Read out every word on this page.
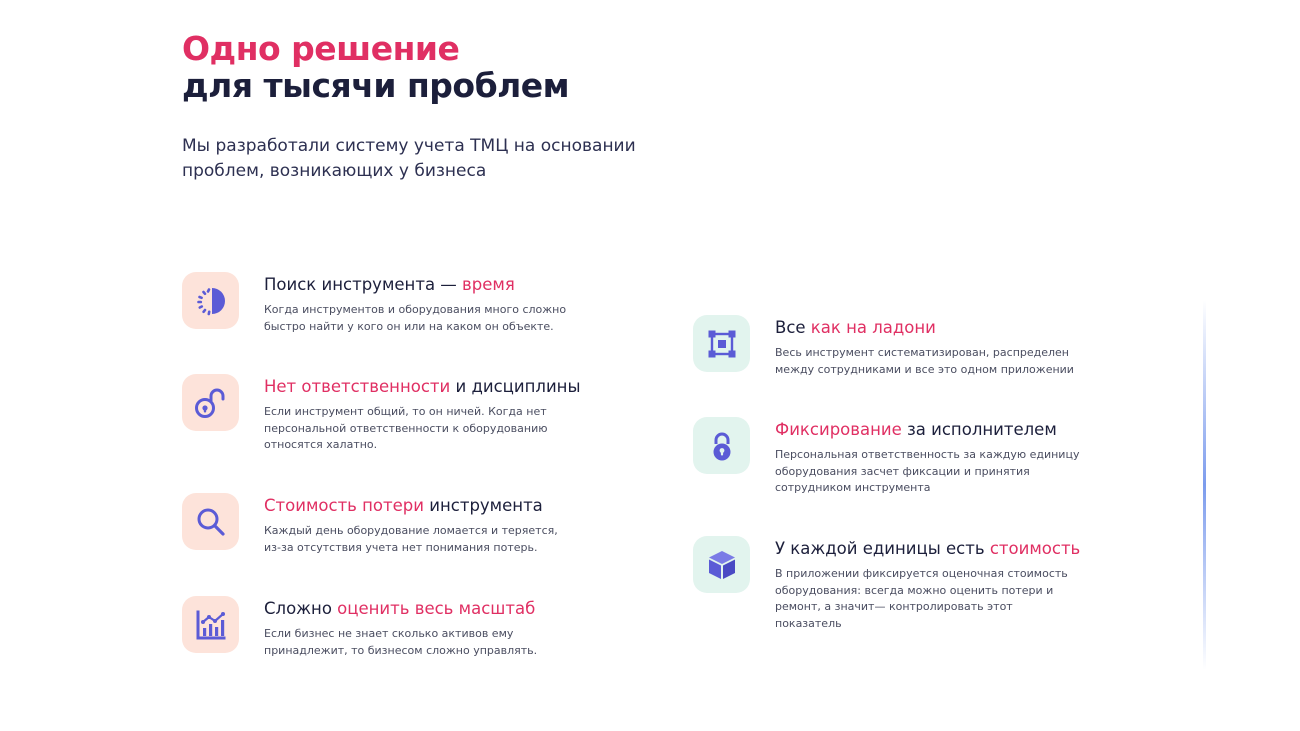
Одно решение
для тысячи проблем
Мы разработали систему учета ТМЦ на основании проблем, возникающих у бизнеса
Поиск инструмента — время
Когда инструментов и оборудования много сложно быстро найти у кого он или на каком он объекте.
Нет ответственности и дисциплины
Если инструмент общий, то он ничей. Когда нет персональной ответственности к оборудованию относятся халатно.
Стоимость потери инструмента
Каждый день оборудование ломается и теряется, из-за отсутствия учета нет понимания потерь.
Сложно оценить весь масштаб
Если бизнес не знает сколько активов ему принадлежит, то бизнесом сложно управлять.
Все как на ладони
Весь инструмент систематизирован, распределен между сотрудниками и все это одном приложении
Фиксирование за исполнителем
Персональная ответственность за каждую единицу оборудования засчет фиксации и принятия сотрудником инструмента
У каждой единицы есть стоимость
В приложении фиксируется оценочная стоимость оборудования: всегда можно оценить потери и ремонт, а значит— контролировать этот показатель
